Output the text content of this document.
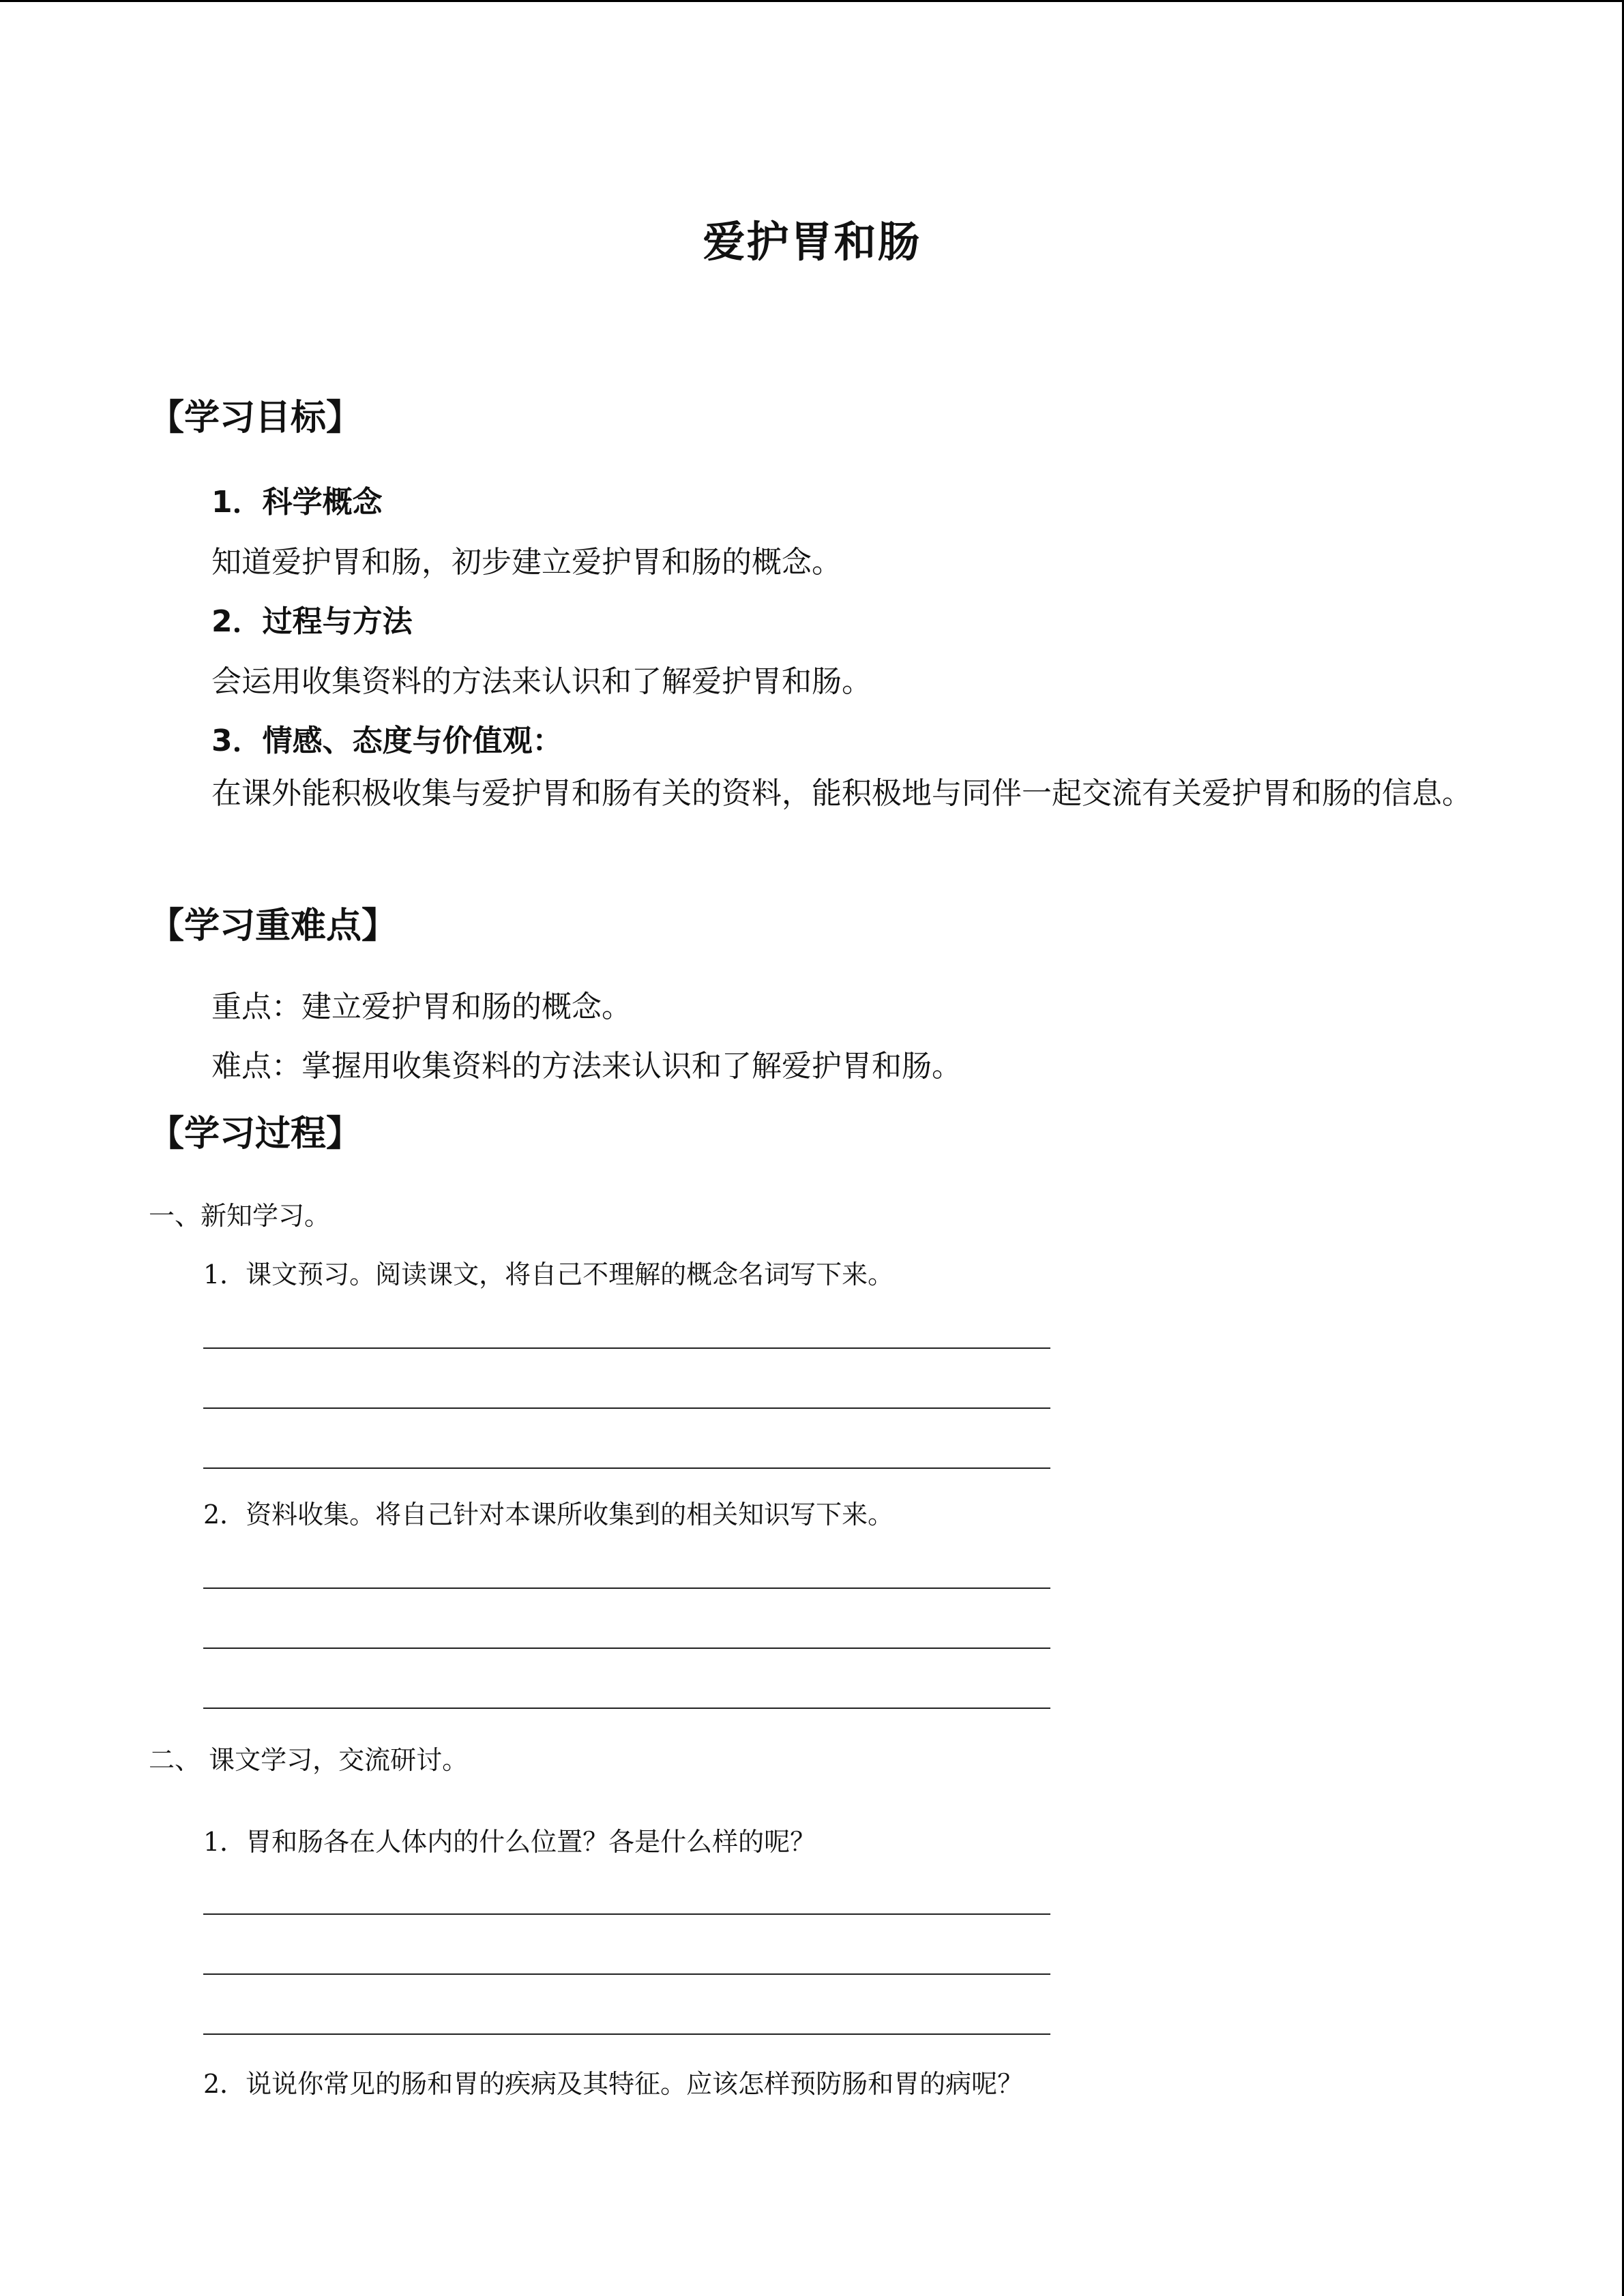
爱护胃和肠
【学习目标】
1．科学概念
知道爱护胃和肠，初步建立爱护胃和肠的概念。
2．过程与方法
会运用收集资料的方法来认识和了解爱护胃和肠。
3．情感、态度与价值观：
在课外能积极收集与爱护胃和肠有关的资料，能积极地与同伴一起交流有关爱护胃和肠的信息。
【学习重难点】
重点：建立爱护胃和肠的概念。
难点：掌握用收集资料的方法来认识和了解爱护胃和肠。
【学习过程】
一、新知学习。
1．课文预习。阅读课文，将自己不理解的概念名词写下来。
2．资料收集。将自己针对本课所收集到的相关知识写下来。
二、 课文学习，交流研讨。
1．胃和肠各在人体内的什么位置？各是什么样的呢？
2．说说你常见的肠和胃的疾病及其特征。应该怎样预防肠和胃的病呢？
